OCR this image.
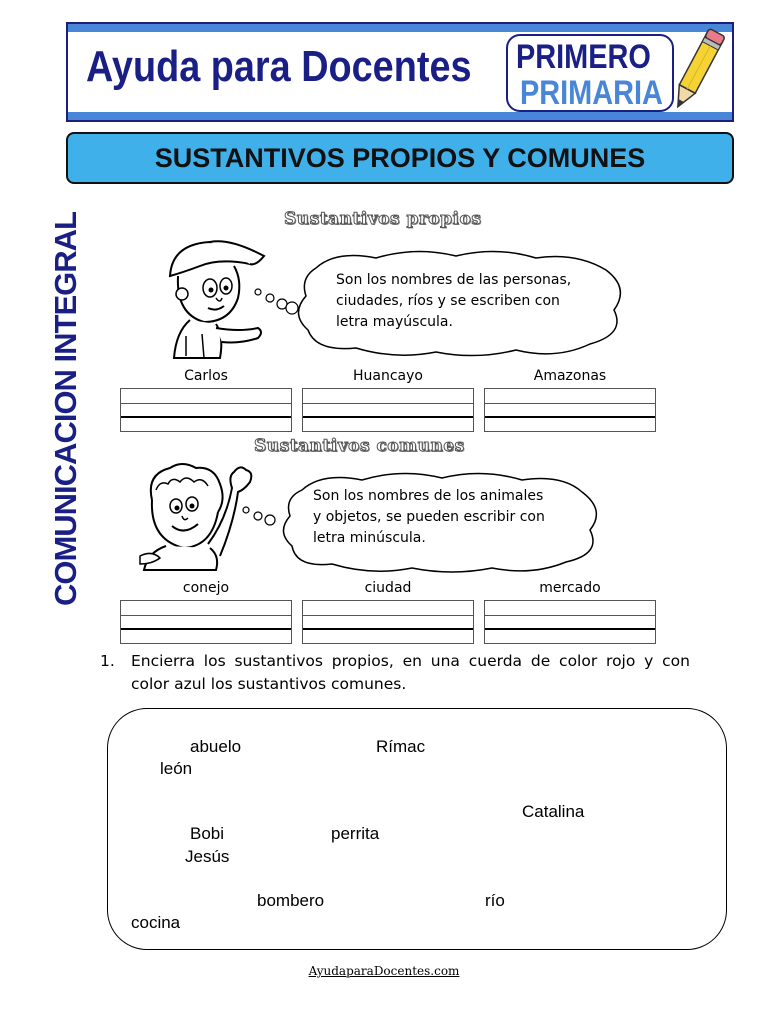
Ayuda para Docentes PRIMERO
PRIMARIA
SUSTANTIVOS PROPIOS Y COMUNES
COMUNICACION INTEGRAL	Sustantivos propios
Son los nombres de las personas,
ciudades, ríos y se escriben con
letra mayúscula.
Carlos	Huancayo	Amazonas
Sustantivos comunes
Son los nombres de los animales
y objetos, se pueden escribir con
letra minúscula.
conejo	ciudad	mercado
1. Encierra los sustantivos propios, en una cuerda de color rojo y con color azul los sustantivos comunes.
abuelo	Rímac
león
Catalina
Bobi	perrita
Jesús
bombero	río
cocina
AyudaparaDocentes.com
